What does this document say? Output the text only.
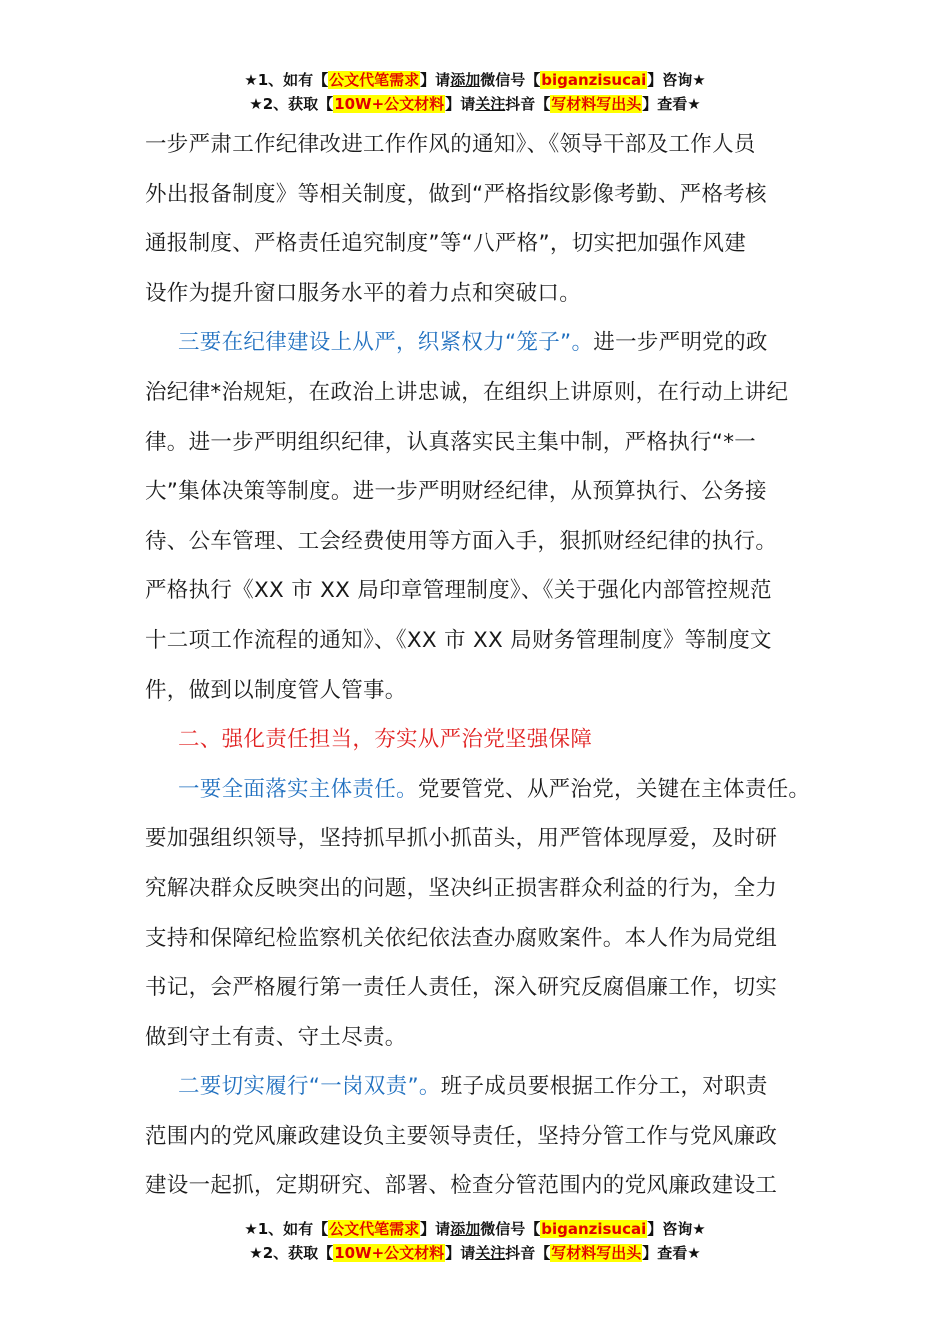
★1、如有【公文代笔需求】请添加微信号【biganzisucai】咨询★
★2、获取【10W+公文材料】请关注抖音【写材料写出头】查看★
一步严肃工作纪律改进工作作风的通知》、《领导干部及工作人员
外出报备制度》等相关制度，做到“严格指纹影像考勤、严格考核
通报制度、严格责任追究制度”等“八严格”，切实把加强作风建
设作为提升窗口服务水平的着力点和突破口。
三要在纪律建设上从严，织紧权力“笼子”。进一步严明党的政
治纪律*治规矩，在政治上讲忠诚，在组织上讲原则，在行动上讲纪
律。进一步严明组织纪律，认真落实民主集中制，严格执行“*一
大”集体决策等制度。进一步严明财经纪律，从预算执行、公务接
待、公车管理、工会经费使用等方面入手，狠抓财经纪律的执行。
严格执行《XX 市 XX 局印章管理制度》、《关于强化内部管控规范
十二项工作流程的通知》、《XX 市 XX 局财务管理制度》等制度文
件，做到以制度管人管事。
二、强化责任担当，夯实从严治党坚强保障
一要全面落实主体责任。党要管党、从严治党，关键在主体责任。
要加强组织领导，坚持抓早抓小抓苗头，用严管体现厚爱，及时研
究解决群众反映突出的问题，坚决纠正损害群众利益的行为，全力
支持和保障纪检监察机关依纪依法查办腐败案件。本人作为局党组
书记，会严格履行第一责任人责任，深入研究反腐倡廉工作，切实
做到守土有责、守土尽责。
二要切实履行“一岗双责”。班子成员要根据工作分工，对职责
范围内的党风廉政建设负主要领导责任，坚持分管工作与党风廉政
建设一起抓，定期研究、部署、检查分管范围内的党风廉政建设工
★1、如有【公文代笔需求】请添加微信号【biganzisucai】咨询★
★2、获取【10W+公文材料】请关注抖音【写材料写出头】查看★
